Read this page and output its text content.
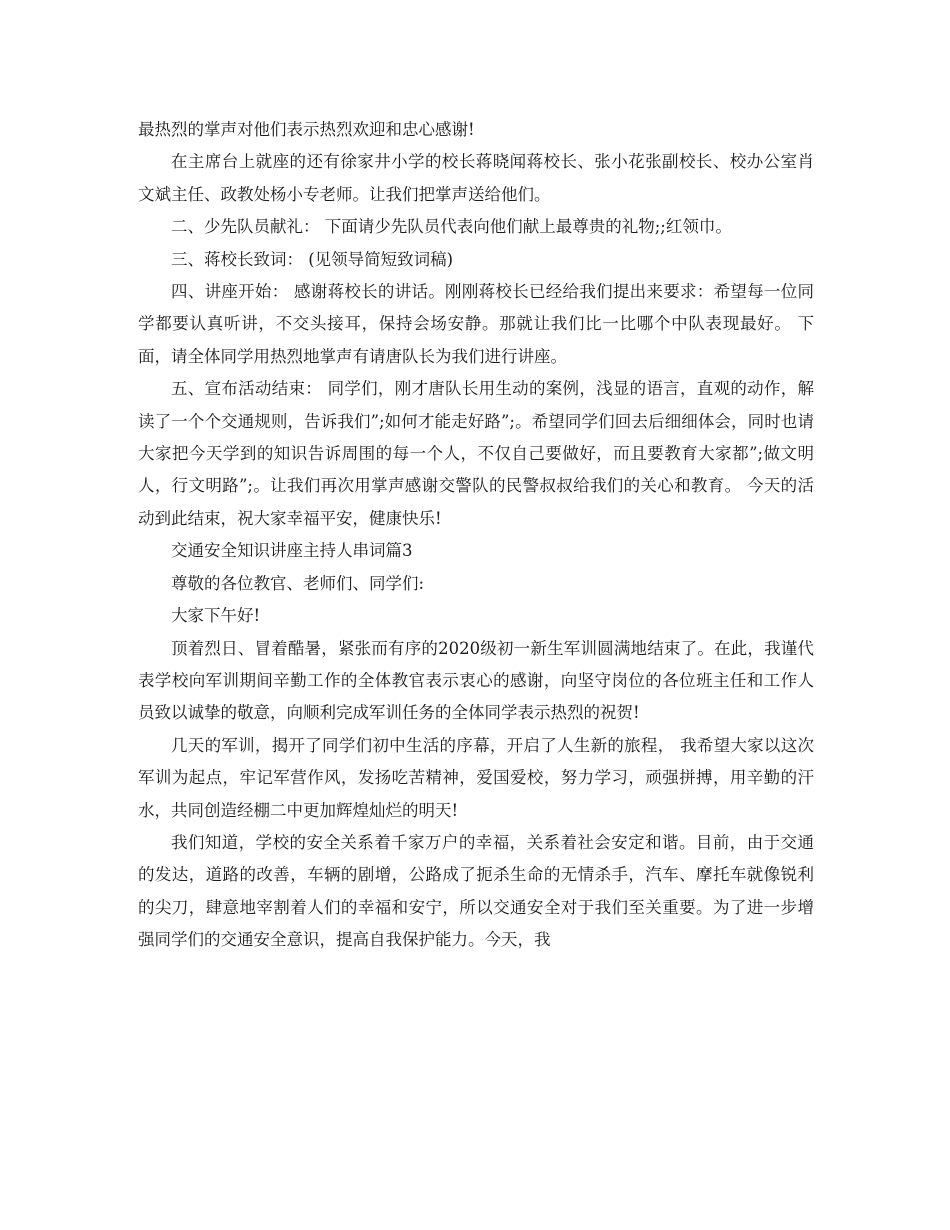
最热烈的掌声对他们表示热烈欢迎和忠心感谢!

在主席台上就座的还有徐家井小学的校长蒋晓闻蒋校长、张小花张副校长、校办公室肖文斌主任、政教处杨小专老师。让我们把掌声送给他们。

二、少先队员献礼： 下面请少先队员代表向他们献上最尊贵的礼物;;红领巾。

三、蒋校长致词： (见领导简短致词稿)

四、讲座开始： 感谢蒋校长的讲话。刚刚蒋校长已经给我们提出来要求：希望每一位同学都要认真听讲，不交头接耳，保持会场安静。那就让我们比一比哪个中队表现最好。 下面，请全体同学用热烈地掌声有请唐队长为我们进行讲座。

五、宣布活动结束： 同学们，刚才唐队长用生动的案例，浅显的语言，直观的动作，解读了一个个交通规则，告诉我们”;如何才能走好路”;。希望同学们回去后细细体会，同时也请大家把今天学到的知识告诉周围的每一个人，不仅自己要做好，而且要教育大家都”;做文明人，行文明路”;。让我们再次用掌声感谢交警队的民警叔叔给我们的关心和教育。 今天的活动到此结束，祝大家幸福平安，健康快乐!

交通安全知识讲座主持人串词篇3

尊敬的各位教官、老师们、同学们:

大家下午好!

顶着烈日、冒着酷暑，紧张而有序的2020级初一新生军训圆满地结束了。在此，我谨代表学校向军训期间辛勤工作的全体教官表示衷心的感谢，向坚守岗位的各位班主任和工作人员致以诚挚的敬意，向顺利完成军训任务的全体同学表示热烈的祝贺!

几天的军训，揭开了同学们初中生活的序幕，开启了人生新的旅程， 我希望大家以这次军训为起点，牢记军营作风，发扬吃苦精神，爱国爱校，努力学习，顽强拼搏，用辛勤的汗水，共同创造经棚二中更加辉煌灿烂的明天!

我们知道，学校的安全关系着千家万户的幸福，关系着社会安定和谐。目前，由于交通的发达，道路的改善，车辆的剧增，公路成了扼杀生命的无情杀手，汽车、摩托车就像锐利的尖刀，肆意地宰割着人们的幸福和安宁，所以交通安全对于我们至关重要。为了进一步增强同学们的交通安全意识，提高自我保护能力。今天，我
